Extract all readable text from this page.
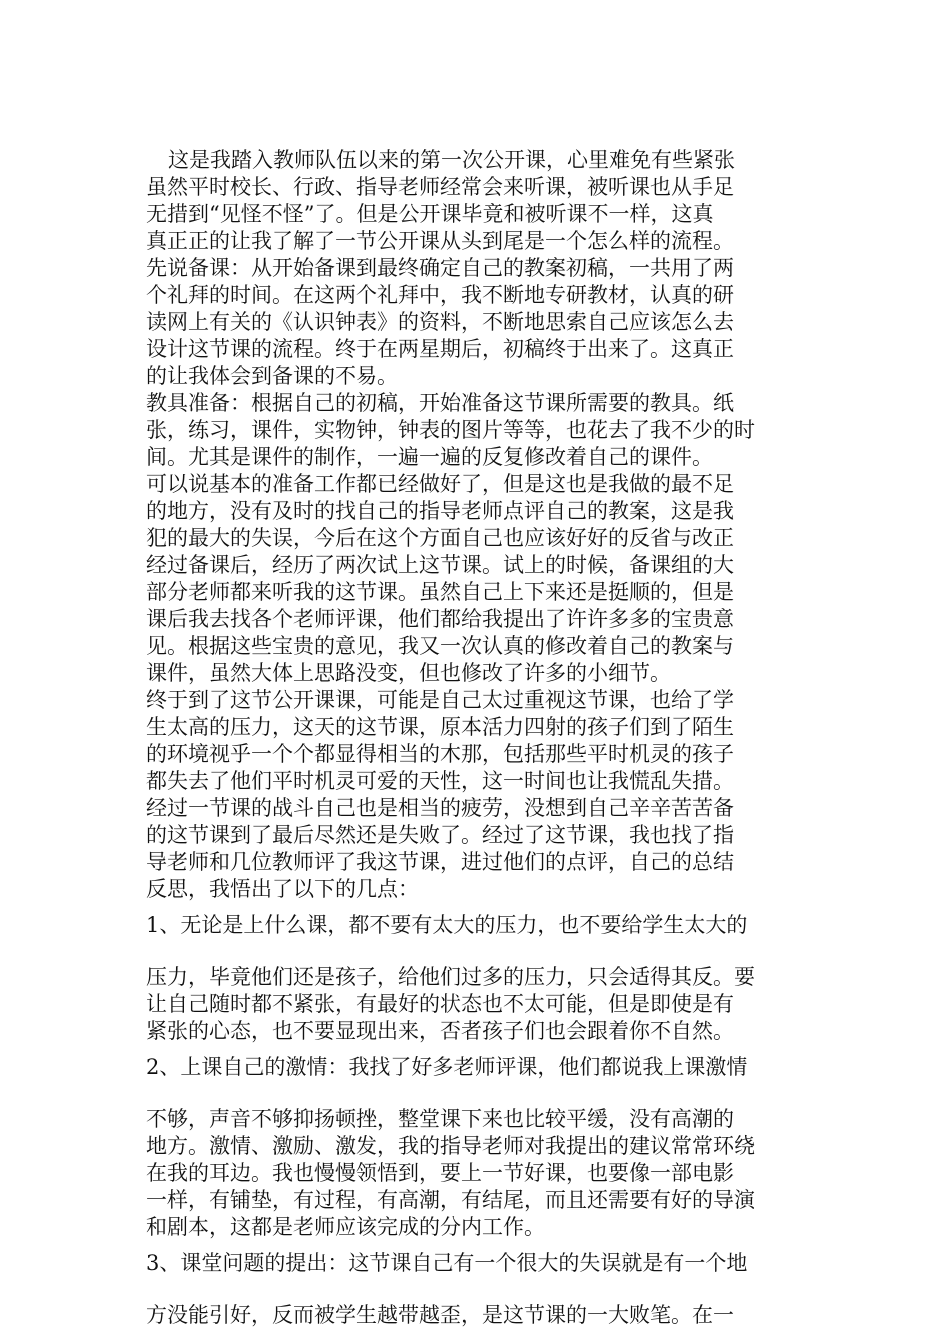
这是我踏入教师队伍以来的第一次公开课，心里难免有些紧张
虽然平时校长、行政、指导老师经常会来听课，被听课也从手足
无措到“见怪不怪”了。但是公开课毕竟和被听课不一样，这真
真正正的让我了解了一节公开课从头到尾是一个怎么样的流程。
先说备课：从开始备课到最终确定自己的教案初稿，一共用了两
个礼拜的时间。在这两个礼拜中，我不断地专研教材，认真的研
读网上有关的《认识钟表》的资料，不断地思索自己应该怎么去
设计这节课的流程。终于在两星期后，初稿终于出来了。这真正
的让我体会到备课的不易。
教具准备：根据自己的初稿，开始准备这节课所需要的教具。纸
张，练习，课件，实物钟，钟表的图片等等，也花去了我不少的时
间。尤其是课件的制作，一遍一遍的反复修改着自己的课件。
可以说基本的准备工作都已经做好了，但是这也是我做的最不足
的地方，没有及时的找自己的指导老师点评自己的教案，这是我
犯的最大的失误，今后在这个方面自己也应该好好的反省与改正
经过备课后，经历了两次试上这节课。试上的时候，备课组的大
部分老师都来听我的这节课。虽然自己上下来还是挺顺的，但是
课后我去找各个老师评课，他们都给我提出了许许多多的宝贵意
见。根据这些宝贵的意见，我又一次认真的修改着自己的教案与
课件，虽然大体上思路没变，但也修改了许多的小细节。
终于到了这节公开课课，可能是自己太过重视这节课，也给了学
生太高的压力，这天的这节课，原本活力四射的孩子们到了陌生
的环境视乎一个个都显得相当的木那，包括那些平时机灵的孩子
都失去了他们平时机灵可爱的天性，这一时间也让我慌乱失措。
经过一节课的战斗自己也是相当的疲劳，没想到自己辛辛苦苦备
的这节课到了最后尽然还是失败了。经过了这节课，我也找了指
导老师和几位教师评了我这节课，进过他们的点评，自己的总结
反思，我悟出了以下的几点：
1、无论是上什么课，都不要有太大的压力，也不要给学生太大的
压力，毕竟他们还是孩子，给他们过多的压力，只会适得其反。要
让自己随时都不紧张，有最好的状态也不太可能，但是即使是有
紧张的心态，也不要显现出来，否者孩子们也会跟着你不自然。
2、上课自己的激情：我找了好多老师评课，他们都说我上课激情
不够，声音不够抑扬顿挫，整堂课下来也比较平缓，没有高潮的
地方。激情、激励、激发，我的指导老师对我提出的建议常常环绕
在我的耳边。我也慢慢领悟到，要上一节好课，也要像一部电影
一样，有铺垫，有过程，有高潮，有结尾，而且还需要有好的导演
和剧本，这都是老师应该完成的分内工作。
3、课堂问题的提出：这节课自己有一个很大的失误就是有一个地
方没能引好，反而被学生越带越歪，是这节课的一大败笔。在一
